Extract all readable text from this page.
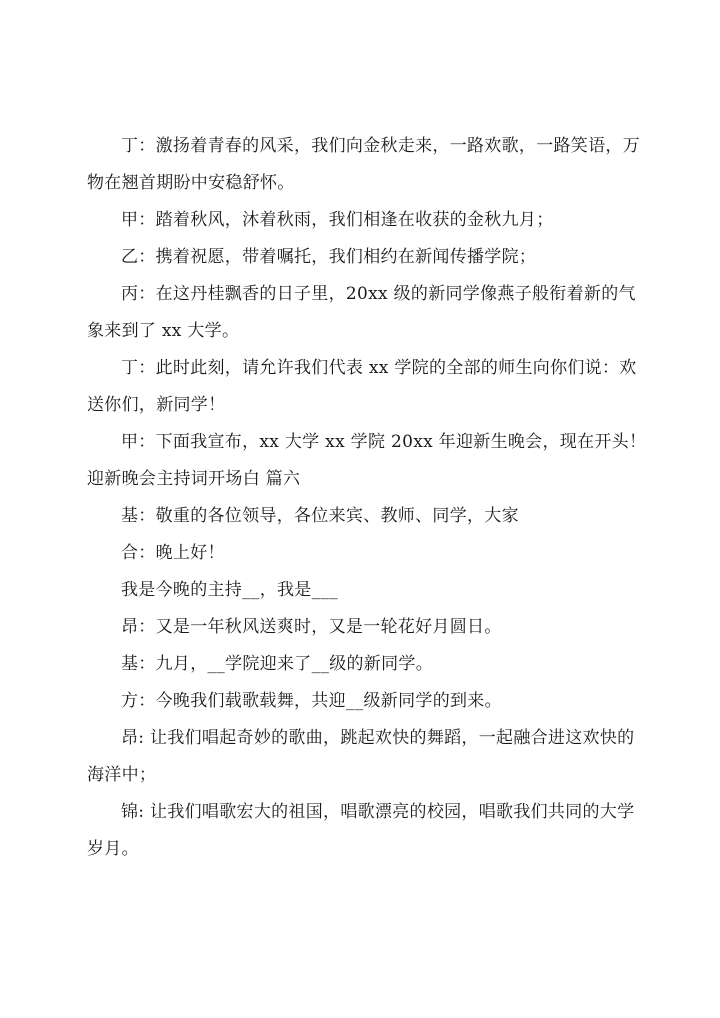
丁：激扬着青春的风采，我们向金秋走来，一路欢歌，一路笑语，万物在翘首期盼中安稳舒怀。

甲：踏着秋风，沐着秋雨，我们相逢在收获的金秋九月；

乙：携着祝愿，带着嘱托，我们相约在新闻传播学院；

丙：在这丹桂飘香的日子里，20xx 级的新同学像燕子般衔着新的气象来到了 xx 大学。

丁：此时此刻，请允许我们代表 xx 学院的全部的师生向你们说：欢送你们，新同学！

甲：下面我宣布，xx 大学 xx 学院 20xx 年迎新生晚会，现在开头！

迎新晚会主持词开场白 篇六

基：敬重的各位领导，各位来宾、教师、同学，大家

合：晚上好！

我是今晚的主持__，我是___

昂：又是一年秋风送爽时，又是一轮花好月圆日。

基：九月，__学院迎来了__级的新同学。

方：今晚我们载歌载舞，共迎__级新同学的到来。

昂: 让我们唱起奇妙的歌曲，跳起欢快的舞蹈，一起融合进这欢快的海洋中；

锦: 让我们唱歌宏大的祖国，唱歌漂亮的校园，唱歌我们共同的大学岁月。
